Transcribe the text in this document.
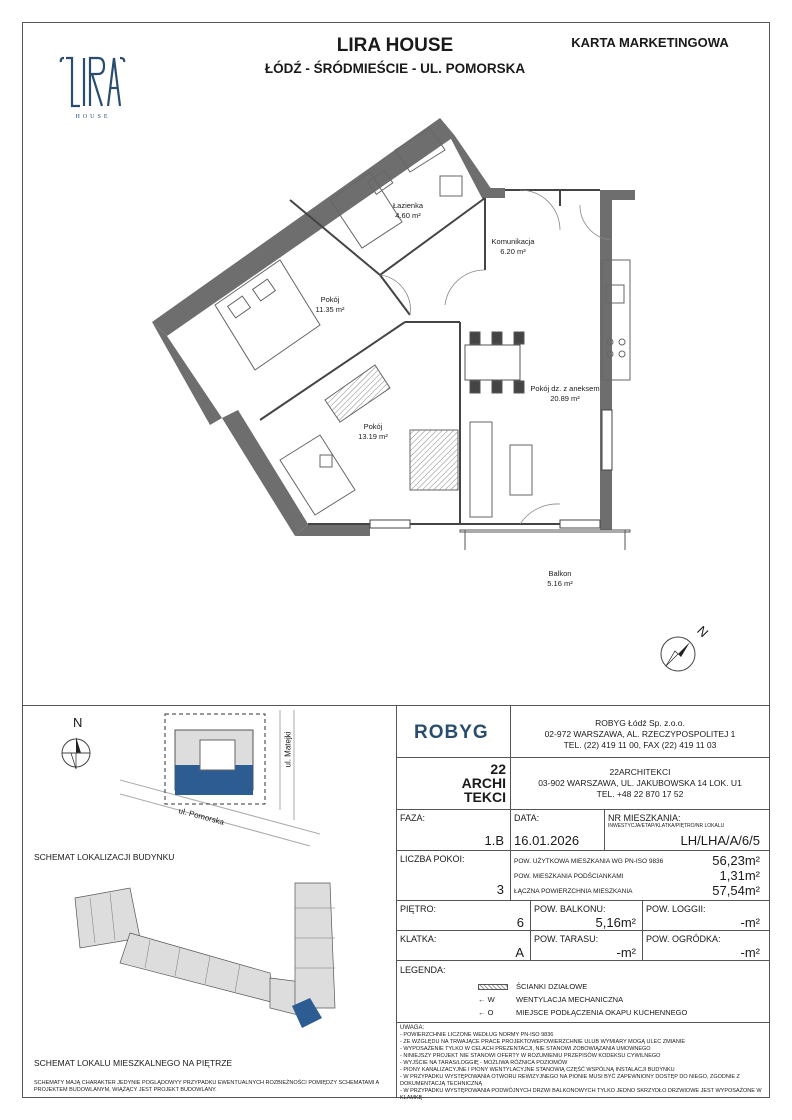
HOUSE
LIRA HOUSE
ŁÓDŹ - ŚRÓDMIEŚCIE - UL. POMORSKA
KARTA MARKETINGOWA
Łazienka
4.60 m²
Komunikacja
6.20 m²
Pokój
11.35 m²
Pokój dz. z aneksem
20.89 m²
Pokój
13.19 m²
Balkon
5.16 m²
N
N
ul. Pomorska
ul. Matejki
SCHEMAT LOKALIZACJI BUDYNKU
SCHEMAT LOKALU MIESZKALNEGO NA PIĘTRZE
SCHEMATY MAJĄ CHARAKTER JEDYNIE POGLĄDOWYY PRZYPADKU EWENTUALNYCH ROZBIEŻNOŚCI POMIĘDZY SCHEMATAMI A PROJEKTEM BUDOWLANYM, WIĄŻĄCY JEST PROJEKT BUDOWLANY.
ROBYG	ROBYG Łódź Sp. z.o.o.
02-972 WARSZAWA, AL. RZECZYPOSPOLITEJ 1
TEL. (22) 419 11 00, FAX (22) 419 11 03
22
ARCHI
TEKCI
22ARCHITEKCI
03-902 WARSZAWA, UL. JAKUBOWSKA 14 LOK. U1
TEL. +48 22 870 17 52
FAZA:
1.B
DATA:
16.01.2026
NR MIESZKANIA:
INWESTYCJA/ETAP/KLATKA/PIĘTRO/NR LOKALU
LH/LHA/A/6/5
LICZBA POKOI:
3
POW. UŻYTKOWA MIESZKANIA WG PN-ISO 9836	56,23m²
POW. MIESZKANIA PODŚCIANKAMI	1,31m²
ŁĄCZNA POWIERZCHNIA MIESZKANIA	57,54m²
PIĘTRO:
6
POW. BALKONU:
5,16m²
POW. LOGGII:
-m²
KLATKA:
A
POW. TARASU:
-m²
POW. OGRÓDKA:
-m²
LEGENDA:
ŚCIANKI DZIAŁOWE
← W	WENTYLACJA MECHANICZNA
← O	MIEJSCE PODŁĄCZENIA OKAPU KUCHENNEGO
UWAGA:
- POWIERZCHNIE LICZONE WEDŁUG NORMY PN-ISO 9836
- ZE WZGLĘDU NA TRWAJĄCE PRACE PROJEKTOWEPOWIERZCHNIE ULUB WYMIARY MOGĄ ULEC ZMIANIE
- WYPOSAŻENIE TYLKO W CELACH PREZENTACJI, NIE STANOWI ZOBOWIĄZANIA UMOWNEGO
- NINIEJSZY PROJEKT NIE STANOWI OFERTY W ROZUMIENIU PRZEPISÓW KODEKSU CYWILNEGO
- WYJŚCIE NA TARAS/LOGGIĘ - MOŻLIWA RÓŻNICA POZIOMÓW
- PIONY KANALIZACYJNE I PIONY WENTYLACYJNE STANOWIĄ CZĘŚĆ WSPÓLNĄ INSTALACJI BUDYNKU
- W PRZYPADKU WYSTĘPOWANIA OTWORU REWIZYJNEGO NA PIONIE MUSI BYĆ ZAPEWNIONY DOSTĘP DO NIEGO, ZGODNIE Z DOKUMENTACJĄ TECHNICZNĄ
- W PRZYPADKU WYSTĘPOWANIA PODWÓJNYCH DRZWI BALKONOWYCH TYLKO JEDNO SKRZYDŁO DRZWIOWE JEST WYPOSAŻONE W KLAMKĘ
